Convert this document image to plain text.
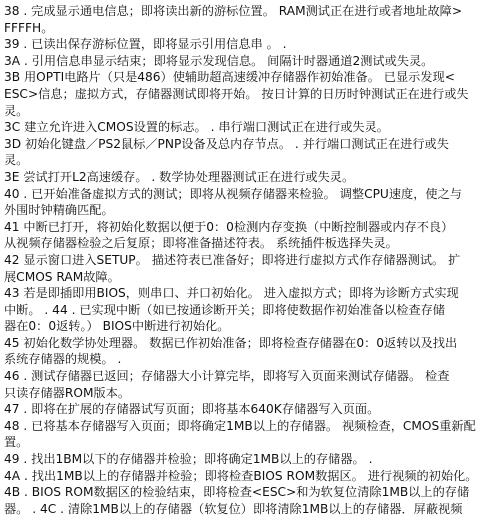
38 . 完成显示通电信息；即将读出新的游标位置。 RAM测试正在进行或者地址故障>
FFFFH。
39 . 已读出保存游标位置，即将显示引用信息串 。 .
3A . 引用信息串显示结束；即将显示发现信息。 间隔计时器通道2测试或失灵。
3B 用OPTI电路片（只是486）使辅助超高速缓冲存储器作初始准备。 已显示发现<
ESC>信息；虚拟方式，存储器测试即将开始。 按日计算的日历时钟测试正在进行或失
灵。
3C 建立允许进入CMOS设置的标志。 . 串行端口测试正在进行或失灵。
3D 初始化键盘／PS2鼠标／PNP设备及总内存节点。 . 并行端口测试正在进行或失
灵。
3E 尝试打开L2高速缓存。 . 数学协处理器测试正在进行或失灵。
40 . 已开始准备虚拟方式的测试；即将从视频存储器来检验。 调整CPU速度，使之与
外围时钟精确匹配。
41 中断已打开，将初始化数据以便于0：0检测内存变换（中断控制器或内存不良）
从视频存储器检验之后复原；即将准备描述符表。 系统插件板选择失灵。
42 显示窗口进入SETUP。 描述符表已准备好；即将进行虚拟方式作存储器测试。 扩
展CMOS RAM故障。
43 若是即插即用BIOS，则串口、并口初始化。 进入虚拟方式；即将为诊断方式实现
中断。 . 44 . 已实现中断（如已按通诊断开关；即将使数据作初始准备以检查存储
器在0：0返转。） BIOS中断进行初始化。
45 初始化数学协处理器。 数据已作初始准备；即将检查存储器在0：0返转以及找出
系统存储器的规模。 .
46 . 测试存储器已返回；存储器大小计算完毕，即将写入页面来测试存储器。 检查
只读存储器ROM版本。
47 . 即将在扩展的存储器试写页面；即将基本640K存储器写入页面。
48 . 已将基本存储器写入页面；即将确定1MB以上的存储器。 视频检查，CMOS重新配
置。
49 . 找出1BM以下的存储器并检验；即将确定1MB以上的存储器。 .
4A . 找出1MB以上的存储器并检验；即将检查BIOS ROM数据区。 进行视频的初始化。
4B . BIOS ROM数据区的检验结束，即将检查<ESC>和为软复位清除1MB以上的存储
器。 . 4C . 清除1MB以上的存储器（软复位）即将清除1MB以上的存储器．屏蔽视频
